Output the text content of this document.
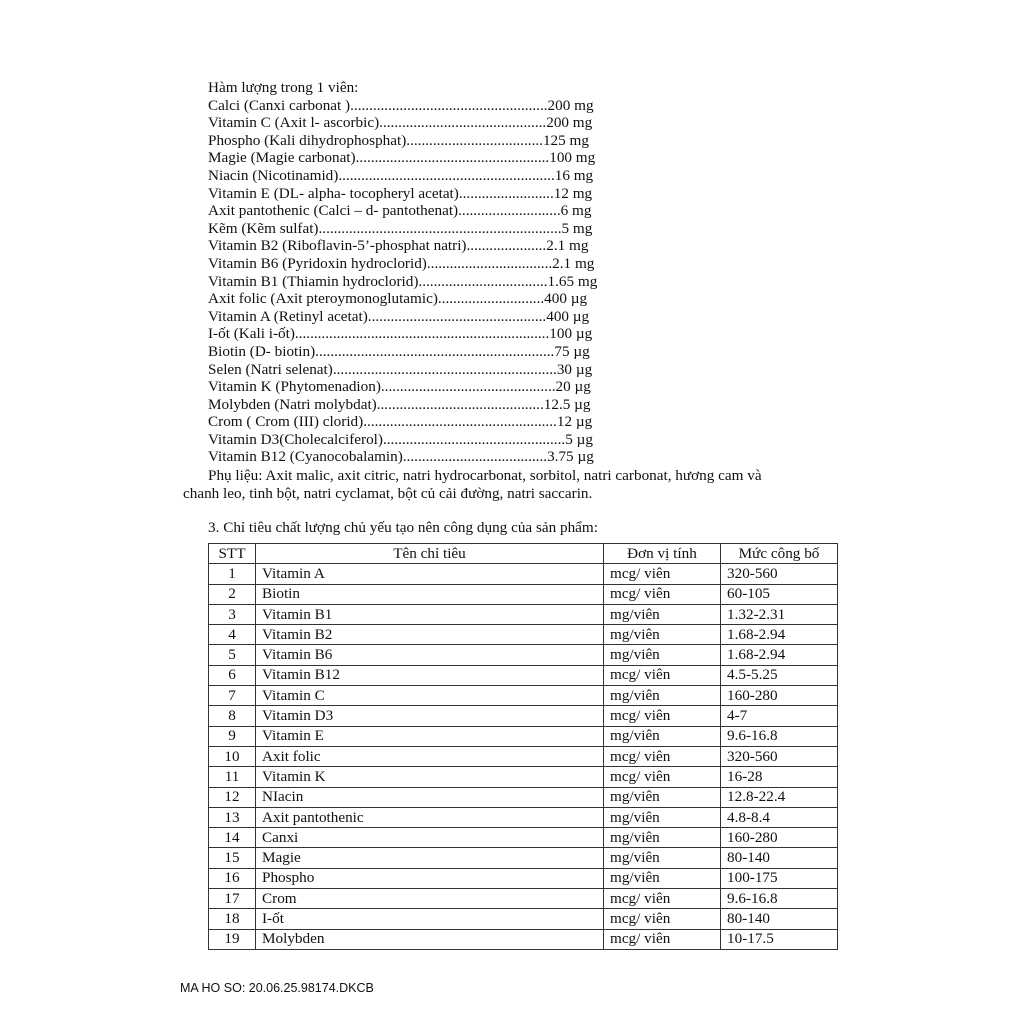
Hàm lượng trong 1 viên:
Calci (Canxi carbonat )....................................................200 mg
Vitamin C (Axit l- ascorbic)............................................200 mg
Phospho (Kali dihydrophosphat)....................................125 mg
Magie (Magie carbonat)...................................................100 mg
Niacin (Nicotinamid).........................................................16 mg
Vitamin E (DL- alpha- tocopheryl acetat).........................12 mg
Axit pantothenic (Calci – d- pantothenat)...........................6 mg
Kẽm (Kẽm sulfat)................................................................5 mg
Vitamin B2 (Riboflavin-5’-phosphat natri).....................2.1 mg
Vitamin B6 (Pyridoxin hydroclorid).................................2.1 mg
Vitamin B1 (Thiamin hydroclorid)..................................1.65 mg
Axit folic (Axit pteroymonoglutamic)............................400 µg
Vitamin A (Retinyl acetat)...............................................400 µg
I-ốt (Kali i-ốt)...................................................................100 µg
Biotin (D- biotin)...............................................................75 µg
Selen (Natri selenat)...........................................................30 µg
Vitamin K (Phytomenadion)..............................................20 µg
Molybden (Natri molybdat)............................................12.5 µg
Crom ( Crom (III) clorid)...................................................12 µg
Vitamin D3(Cholecalciferol)................................................5 µg
Vitamin B12 (Cyanocobalamin)......................................3.75 µg
Phụ liệu: Axit malic, axit citric, natri hydrocarbonat, sorbitol, natri carbonat, hương cam và
chanh leo, tinh bột, natri cyclamat, bột củ cải đường, natri saccarin.
3. Chỉ tiêu chất lượng chủ yếu tạo nên công dụng của sản phẩm:
STT	Tên chỉ tiêu	Đơn vị tính	Mức công bố
1	Vitamin A	mcg/ viên	320-560
2	Biotin	mcg/ viên	60-105
3	Vitamin B1	mg/viên	1.32-2.31
4	Vitamin B2	mg/viên	1.68-2.94
5	Vitamin B6	mg/viên	1.68-2.94
6	Vitamin B12	mcg/ viên	4.5-5.25
7	Vitamin C	mg/viên	160-280
8	Vitamin D3	mcg/ viên	4-7
9	Vitamin E	mg/viên	9.6-16.8
10	Axit folic	mcg/ viên	320-560
11	Vitamin K	mcg/ viên	16-28
12	NIacin	mg/viên	12.8-22.4
13	Axit pantothenic	mg/viên	4.8-8.4
14	Canxi	mg/viên	160-280
15	Magie	mg/viên	80-140
16	Phospho	mg/viên	100-175
17	Crom	mcg/ viên	9.6-16.8
18	I-ốt	mcg/ viên	80-140
19	Molybden	mcg/ viên	10-17.5
MA HO SO: 20.06.25.98174.DKCB
